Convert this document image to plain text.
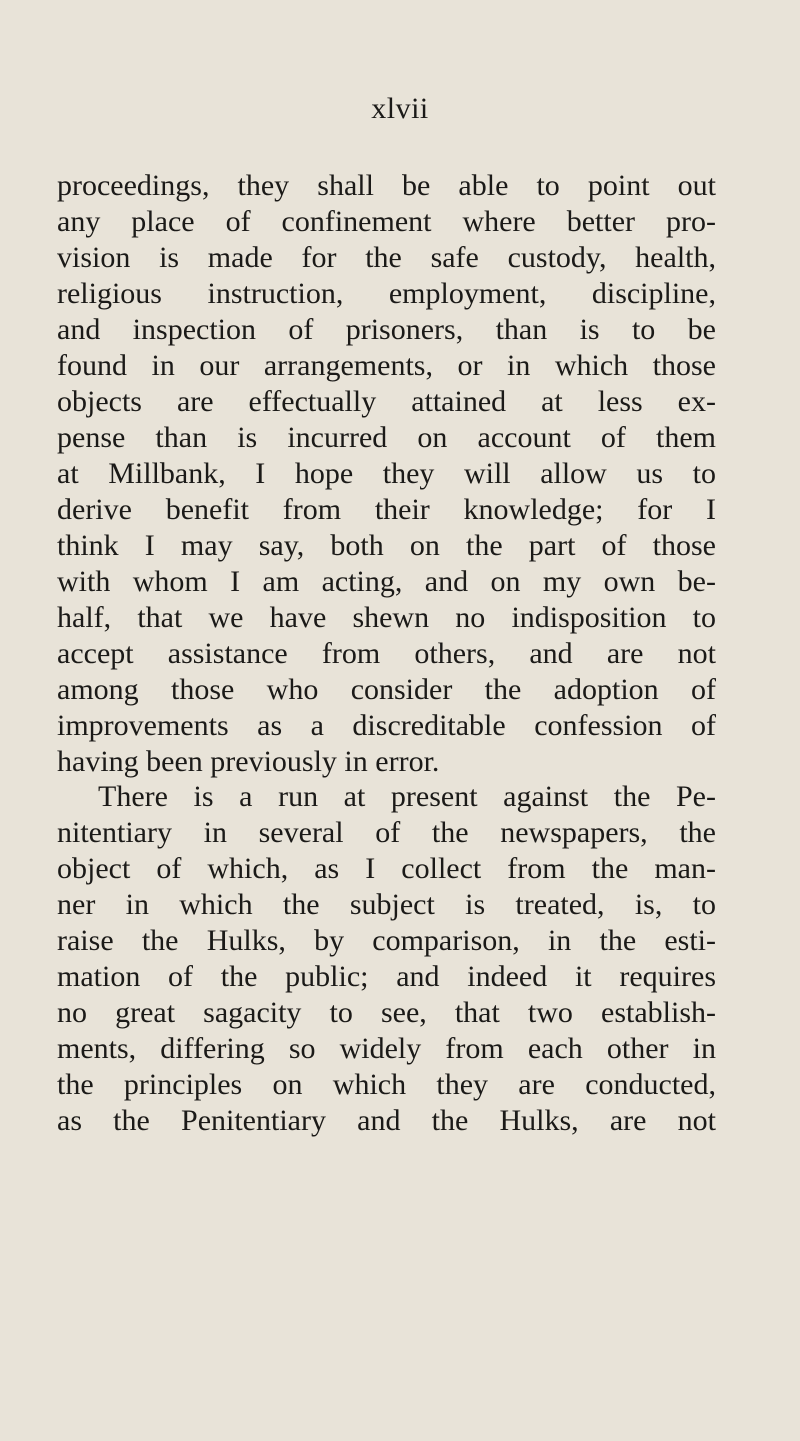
xlvii
proceedings, they shall be able to point out
any place of confinement where better pro-
vision is made for the safe custody, health,
religious instruction, employment, discipline,
and inspection of prisoners, than is to be
found in our arrangements, or in which those
objects are effectually attained at less ex-
pense than is incurred on account of them
at Millbank, I hope they will allow us to
derive benefit from their knowledge; for I
think I may say, both on the part of those
with whom I am acting, and on my own be-
half, that we have shewn no indisposition to
accept assistance from others, and are not
among those who consider the adoption of
improvements as a discreditable confession of
having been previously in error.
There is a run at present against the Pe-
nitentiary in several of the newspapers, the
object of which, as I collect from the man-
ner in which the subject is treated, is, to
raise the Hulks, by comparison, in the esti-
mation of the public; and indeed it requires
no great sagacity to see, that two establish-
ments, differing so widely from each other in
the principles on which they are conducted,
as the Penitentiary and the Hulks, are not
